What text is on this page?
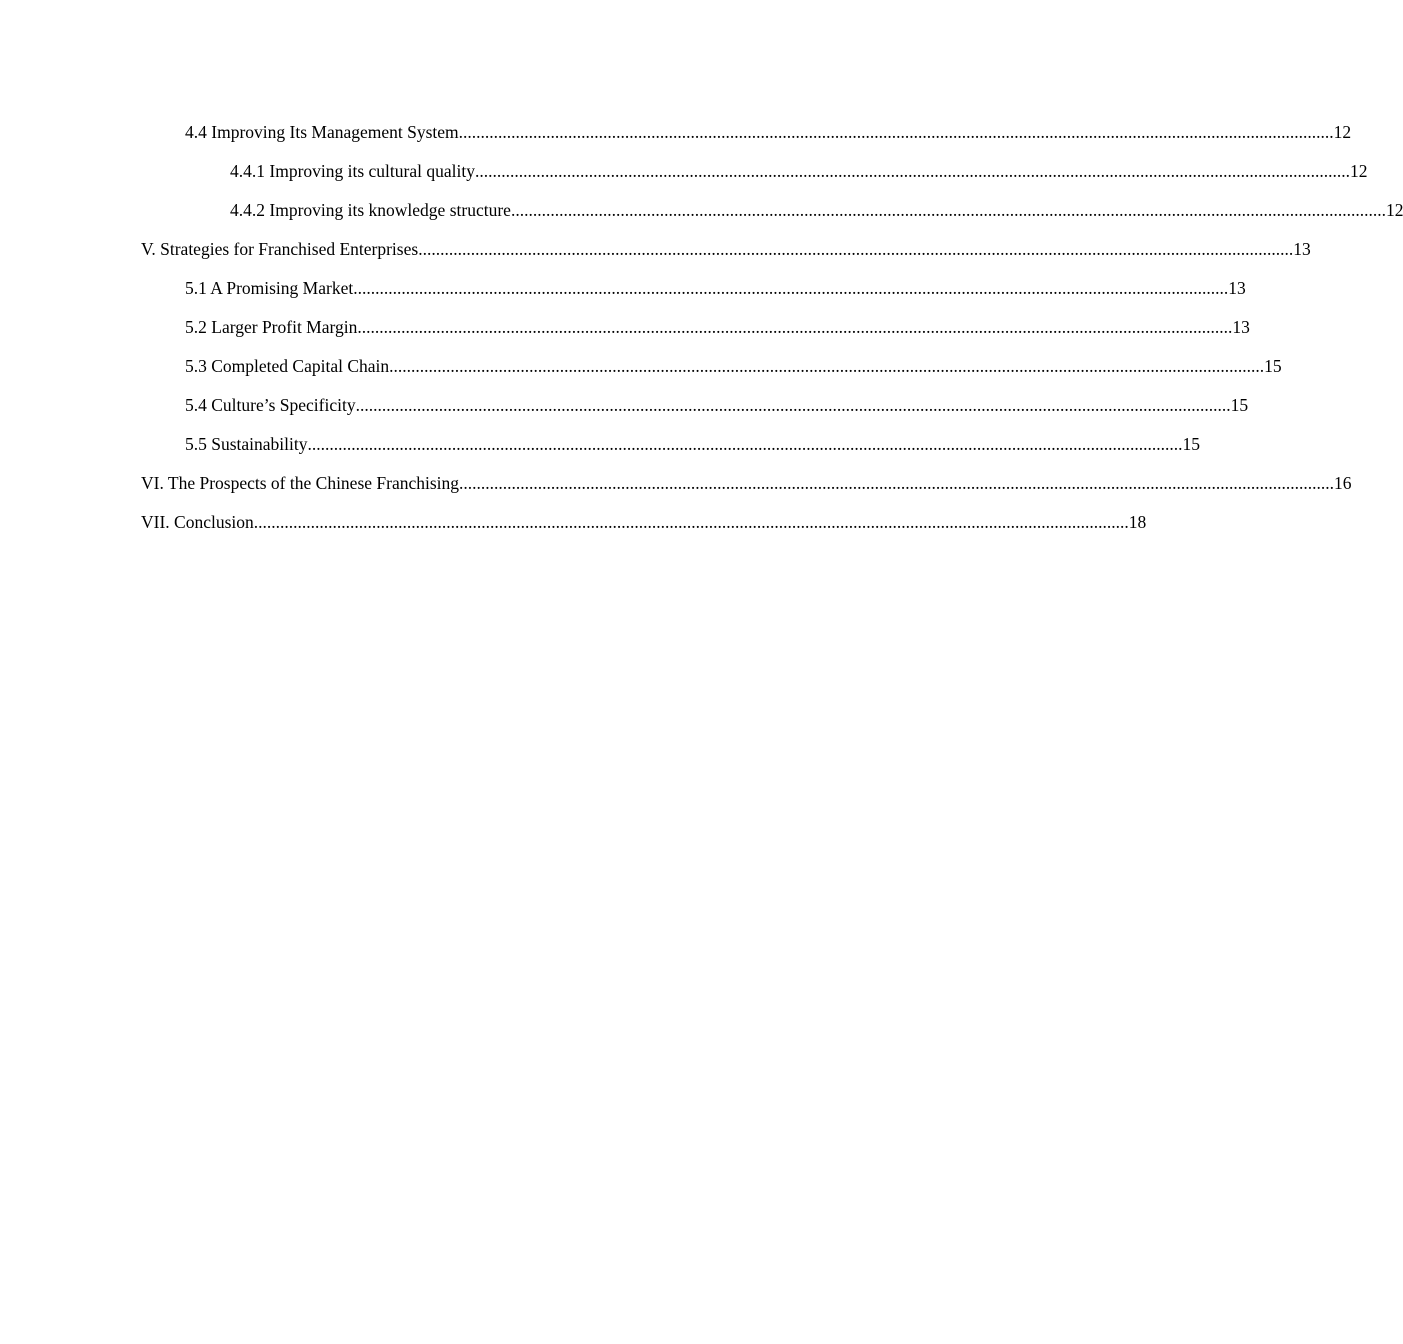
4.4 Improving Its Management System ........................................................................................................................................................................................................ 12
4.4.1 Improving its cultural quality ........................................................................................................................................................................................................ 12
4.4.2 Improving its knowledge structure ........................................................................................................................................................................................................ 12
V. Strategies for Franchised Enterprises ........................................................................................................................................................................................................ 13
5.1 A Promising Market ........................................................................................................................................................................................................ 13
5.2 Larger Profit Margin ........................................................................................................................................................................................................ 13
5.3 Completed Capital Chain ........................................................................................................................................................................................................ 15
5.4 Culture’s Specificity ........................................................................................................................................................................................................ 15
5.5 Sustainability ........................................................................................................................................................................................................ 15
VI. The Prospects of the Chinese Franchising ........................................................................................................................................................................................................ 16
VII. Conclusion ........................................................................................................................................................................................................ 18
